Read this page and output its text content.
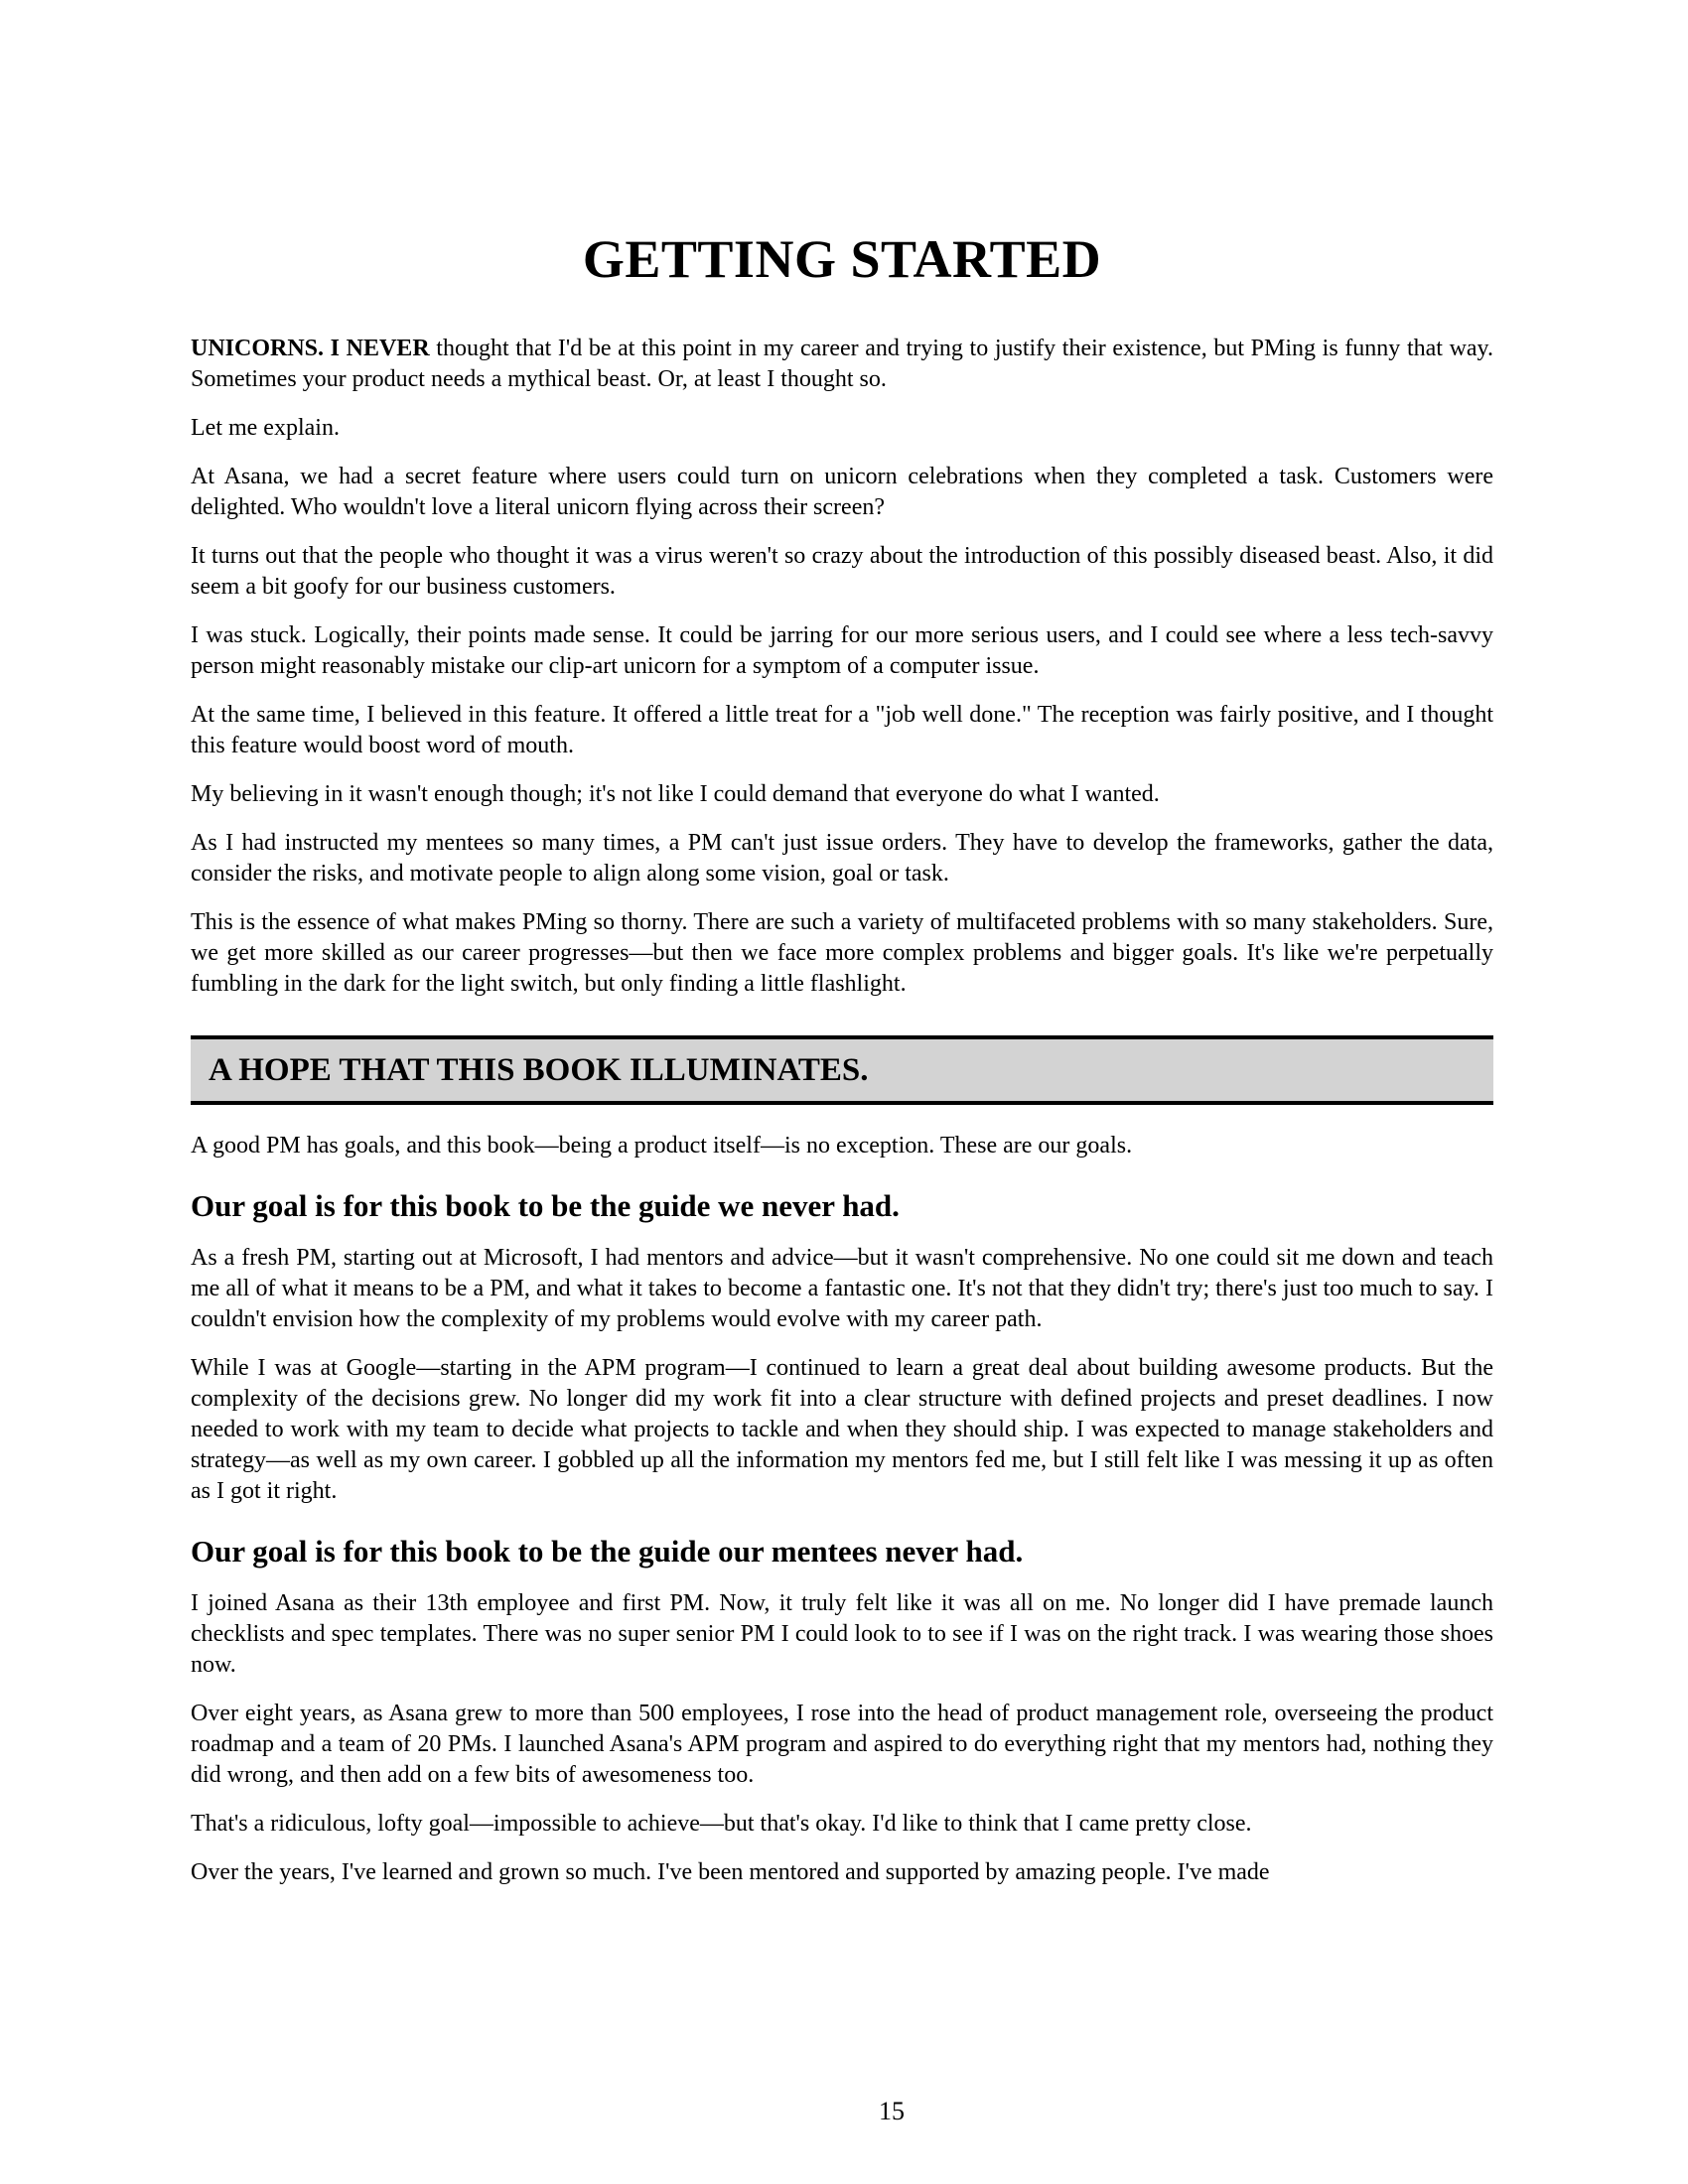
GETTING STARTED

UNICORNS. I NEVER thought that I'd be at this point in my career and trying to justify their existence, but PMing is funny that way. Sometimes your product needs a mythical beast. Or, at least I thought so.

Let me explain.

At Asana, we had a secret feature where users could turn on unicorn celebrations when they completed a task. Customers were delighted. Who wouldn't love a literal unicorn flying across their screen?

It turns out that the people who thought it was a virus weren't so crazy about the introduction of this possibly diseased beast. Also, it did seem a bit goofy for our business customers.

I was stuck. Logically, their points made sense. It could be jarring for our more serious users, and I could see where a less tech-savvy person might reasonably mistake our clip-art unicorn for a symptom of a computer issue.

At the same time, I believed in this feature. It offered a little treat for a "job well done." The reception was fairly positive, and I thought this feature would boost word of mouth.

My believing in it wasn't enough though; it's not like I could demand that everyone do what I wanted.

As I had instructed my mentees so many times, a PM can't just issue orders. They have to develop the frameworks, gather the data, consider the risks, and motivate people to align along some vision, goal or task.

This is the essence of what makes PMing so thorny. There are such a variety of multifaceted problems with so many stakeholders. Sure, we get more skilled as our career progresses—but then we face more complex problems and bigger goals. It's like we're perpetually fumbling in the dark for the light switch, but only finding a little flashlight.

A HOPE THAT THIS BOOK ILLUMINATES.

A good PM has goals, and this book—being a product itself—is no exception. These are our goals.

Our goal is for this book to be the guide we never had.

As a fresh PM, starting out at Microsoft, I had mentors and advice—but it wasn't comprehensive. No one could sit me down and teach me all of what it means to be a PM, and what it takes to become a fantastic one. It's not that they didn't try; there's just too much to say. I couldn't envision how the complexity of my problems would evolve with my career path.

While I was at Google—starting in the APM program—I continued to learn a great deal about building awesome products. But the complexity of the decisions grew. No longer did my work fit into a clear structure with defined projects and preset deadlines. I now needed to work with my team to decide what projects to tackle and when they should ship. I was expected to manage stakeholders and strategy—as well as my own career. I gobbled up all the information my mentors fed me, but I still felt like I was messing it up as often as I got it right.

Our goal is for this book to be the guide our mentees never had.

I joined Asana as their 13th employee and first PM. Now, it truly felt like it was all on me. No longer did I have premade launch checklists and spec templates. There was no super senior PM I could look to to see if I was on the right track. I was wearing those shoes now.

Over eight years, as Asana grew to more than 500 employees, I rose into the head of product management role, overseeing the product roadmap and a team of 20 PMs. I launched Asana's APM program and aspired to do everything right that my mentors had, nothing they did wrong, and then add on a few bits of awesomeness too.

That's a ridiculous, lofty goal—impossible to achieve—but that's okay. I'd like to think that I came pretty close.

Over the years, I've learned and grown so much. I've been mentored and supported by amazing people. I've made

15
